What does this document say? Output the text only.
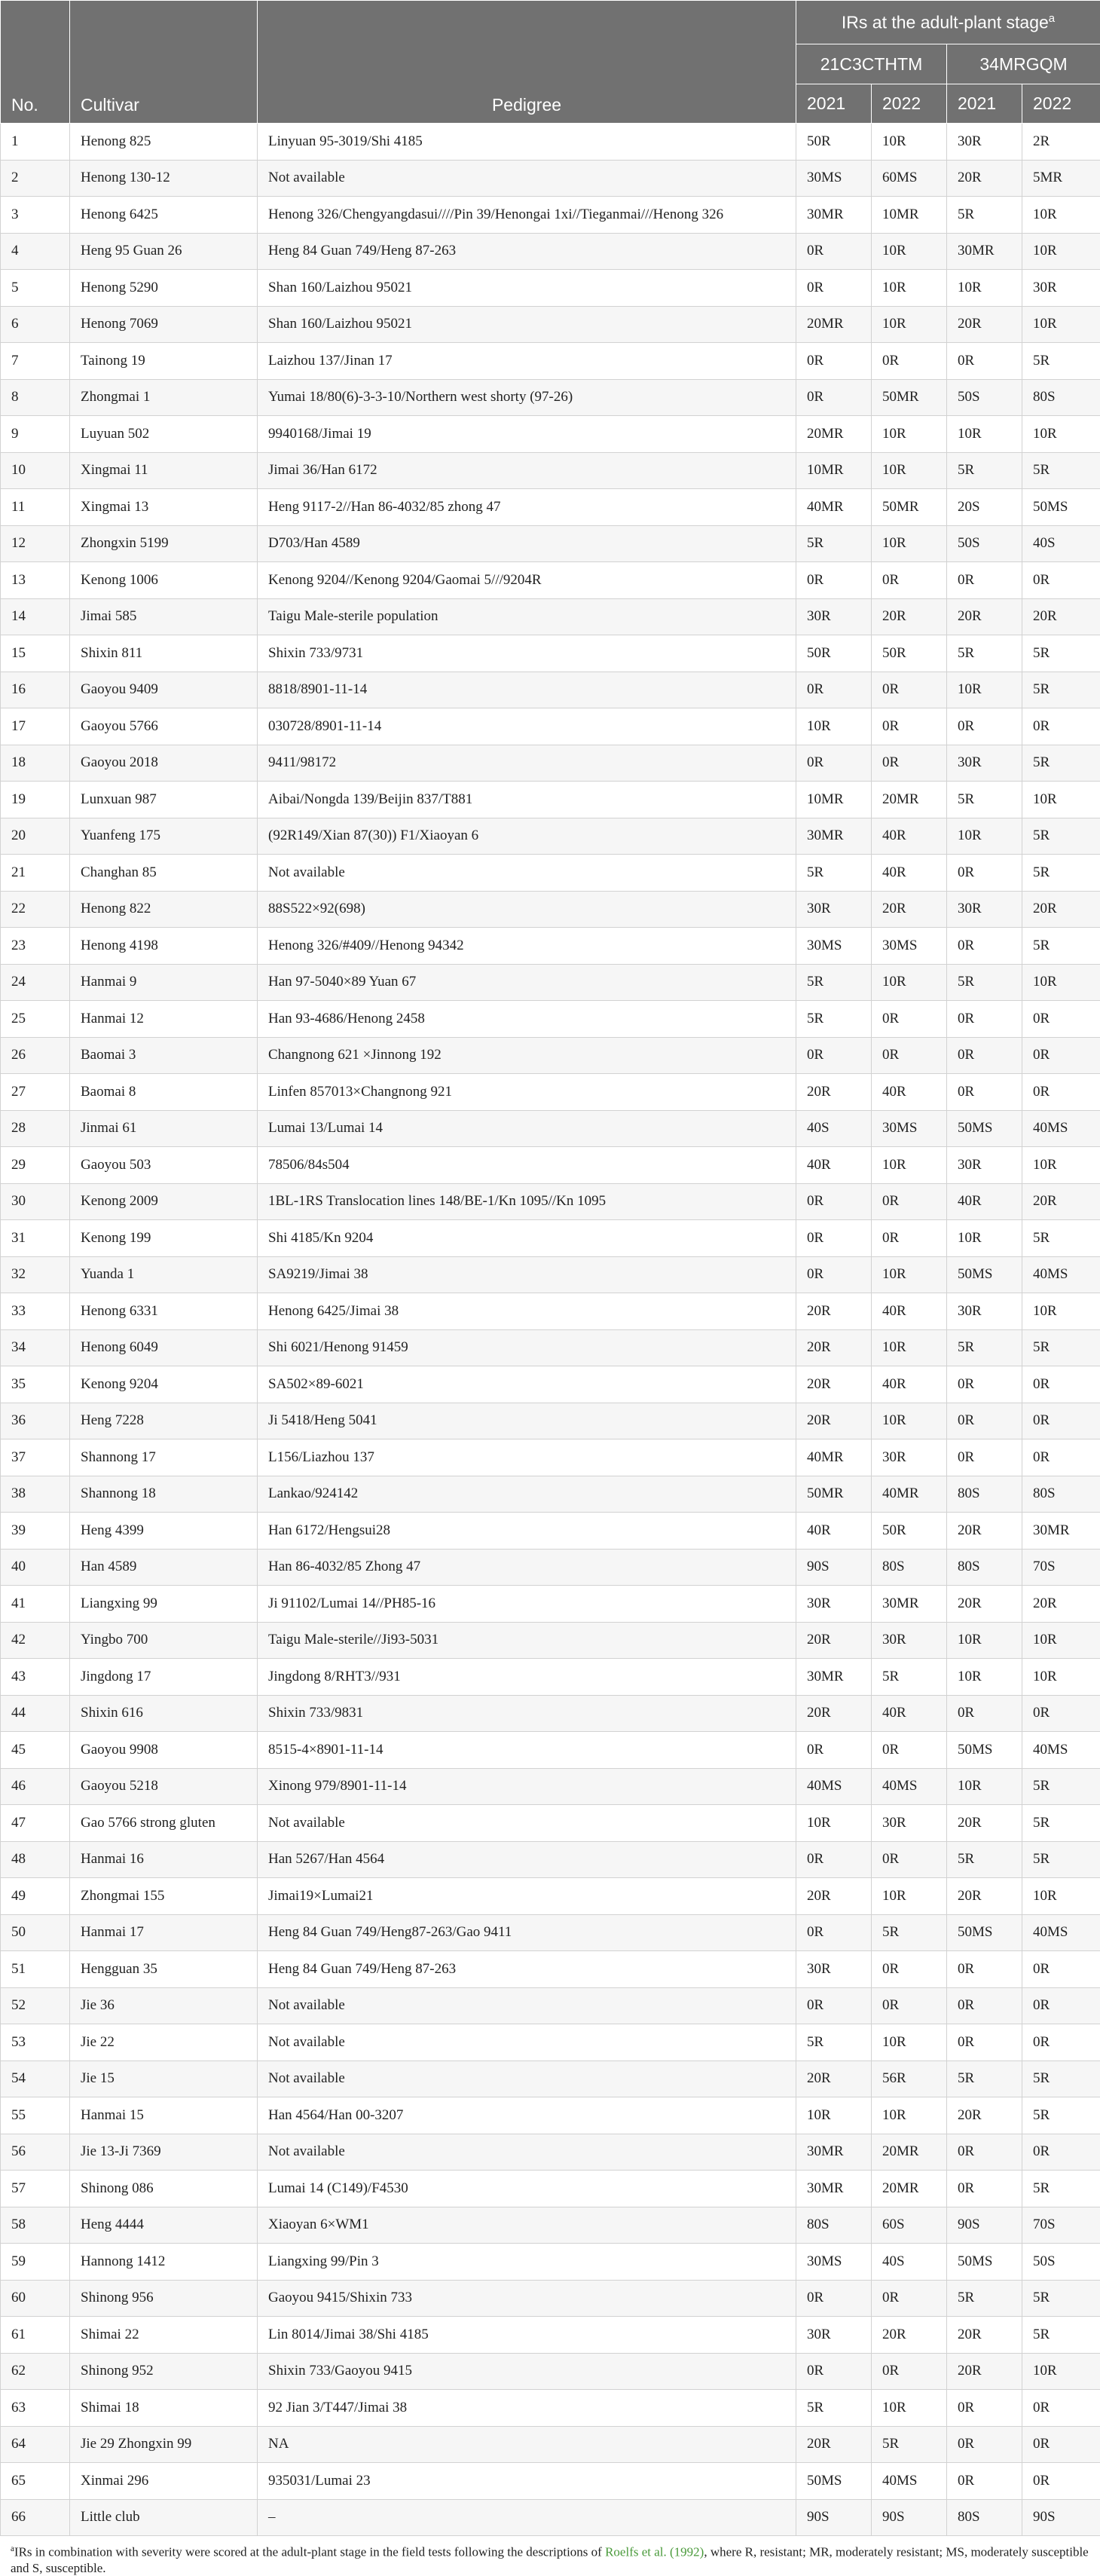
No.	Cultivar	Pedigree	IRs at the adult-plant stage$^a$
			21C3CTHTM		34MRGQM	
			2021	2022	2021	2022
1	Henong 825	Linyuan 95-3019/Shi 4185	50R	10R	30R	2R
2	Henong 130-12	Not available	30MS	60MS	20R	5MR
3	Henong 6425	Henong 326/Chengyangdasui////Pin 39/Henongai 1xi//Tieganmai///Henong 326	30MR	10MR	5R	10R
4	Heng 95 Guan 26	Heng 84 Guan 749/Heng 87-263	0R	10R	30MR	10R
5	Henong 5290	Shan 160/Laizhou 95021	0R	10R	10R	30R
6	Henong 7069	Shan 160/Laizhou 95021	20MR	10R	20R	10R
7	Tainong 19	Laizhou 137/Jinan 17	0R	0R	0R	5R
8	Zhongmai 1	Yumai 18/80(6)-3-3-10/Northern west shorty (97-26)	0R	50MR	50S	80S
9	Luyuan 502	9940168/Jimai 19	20MR	10R	10R	10R
10	Xingmai 11	Jimai 36/Han 6172	10MR	10R	5R	5R
11	Xingmai 13	Heng 9117-2//Han 86-4032/85 zhong 47	40MR	50MR	20S	50MS
12	Zhongxin 5199	D703/Han 4589	5R	10R	50S	40S
13	Kenong 1006	Kenong 9204//Kenong 9204/Gaomai 5///9204R	0R	0R	0R	0R
14	Jimai 585	Taigu Male-sterile population	30R	20R	20R	20R
15	Shixin 811	Shixin 733/9731	50R	50R	5R	5R
16	Gaoyou 9409	8818/8901-11-14	0R	0R	10R	5R
17	Gaoyou 5766	030728/8901-11-14	10R	0R	0R	0R
18	Gaoyou 2018	9411/98172	0R	0R	30R	5R
19	Lunxuan 987	Aibai/Nongda 139/Beijin 837/T881	10MR	20MR	5R	10R
20	Yuanfeng 175	(92R149/Xian 87(30)) F1/Xiaoyan 6	30MR	40R	10R	5R
21	Changhan 85	Not available	5R	40R	0R	5R
22	Henong 822	88S522×92(698)	30R	20R	30R	20R
23	Henong 4198	Henong 326/#409//Henong 94342	30MS	30MS	0R	5R
24	Hanmai 9	Han 97-5040×89 Yuan 67	5R	10R	5R	10R
25	Hanmai 12	Han 93-4686/Henong 2458	5R	0R	0R	0R
26	Baomai 3	Changnong 621 ×Jinnong 192	0R	0R	0R	0R
27	Baomai 8	Linfen 857013×Changnong 921	20R	40R	0R	0R
28	Jinmai 61	Lumai 13/Lumai 14	40S	30MS	50MS	40MS
29	Gaoyou 503	78506/84s504	40R	10R	30R	10R
30	Kenong 2009	1BL-1RS Translocation lines 148/BE-1/Kn 1095//Kn 1095	0R	0R	40R	20R
31	Kenong 199	Shi 4185/Kn 9204	0R	0R	10R	5R
32	Yuanda 1	SA9219/Jimai 38	0R	10R	50MS	40MS
33	Henong 6331	Henong 6425/Jimai 38	20R	40R	30R	10R
34	Henong 6049	Shi 6021/Henong 91459	20R	10R	5R	5R
35	Kenong 9204	SA502×89-6021	20R	40R	0R	0R
36	Heng 7228	Ji 5418/Heng 5041	20R	10R	0R	0R
37	Shannong 17	L156/Liazhou 137	40MR	30R	0R	0R
38	Shannong 18	Lankao/924142	50MR	40MR	80S	80S
39	Heng 4399	Han 6172/Hengsui28	40R	50R	20R	30MR
40	Han 4589	Han 86-4032/85 Zhong 47	90S	80S	80S	70S
41	Liangxing 99	Ji 91102/Lumai 14//PH85-16	30R	30MR	20R	20R
42	Yingbo 700	Taigu Male-sterile//Ji93-5031	20R	30R	10R	10R
43	Jingdong 17	Jingdong 8/RHT3//931	30MR	5R	10R	10R
44	Shixin 616	Shixin 733/9831	20R	40R	0R	0R
45	Gaoyou 9908	8515-4×8901-11-14	0R	0R	50MS	40MS
46	Gaoyou 5218	Xinong 979/8901-11-14	40MS	40MS	10R	5R
47	Gao 5766 strong gluten	Not available	10R	30R	20R	5R
48	Hanmai 16	Han 5267/Han 4564	0R	0R	5R	5R
49	Zhongmai 155	Jimai19×Lumai21	20R	10R	20R	10R
50	Hanmai 17	Heng 84 Guan 749/Heng87-263/Gao 9411	0R	5R	50MS	40MS
51	Hengguan 35	Heng 84 Guan 749/Heng 87-263	30R	0R	0R	0R
52	Jie 36	Not available	0R	0R	0R	0R
53	Jie 22	Not available	5R	10R	0R	0R
54	Jie 15	Not available	20R	56R	5R	5R
55	Hanmai 15	Han 4564/Han 00-3207	10R	10R	20R	5R
56	Jie 13-Ji 7369	Not available	30MR	20MR	0R	0R
57	Shinong 086	Lumai 14 (C149)/F4530	30MR	20MR	0R	5R
58	Heng 4444	Xiaoyan 6×WM1	80S	60S	90S	70S
59	Hannong 1412	Liangxing 99/Pin 3	30MS	40S	50MS	50S
60	Shinong 956	Gaoyou 9415/Shixin 733	0R	0R	5R	5R
61	Shimai 22	Lin 8014/Jimai 38/Shi 4185	30R	20R	20R	5R
62	Shinong 952	Shixin 733/Gaoyou 9415	0R	0R	20R	10R
63	Shimai 18	92 Jian 3/T447/Jimai 38	5R	10R	0R	0R
64	Jie 29 Zhongxin 99	NA	20R	5R	0R	0R
65	Xinmai 296	935031/Lumai 23	50MS	40MS	0R	0R
66	Little club	–	90S	90S	80S	90S
$^a$IRs in combination with severity were scored at the adult-plant stage in the field tests following the descriptions of Roelfs et al. (1992), where R, resistant; MR, moderately resistant; MS, moderately susceptible and S, susceptible.
